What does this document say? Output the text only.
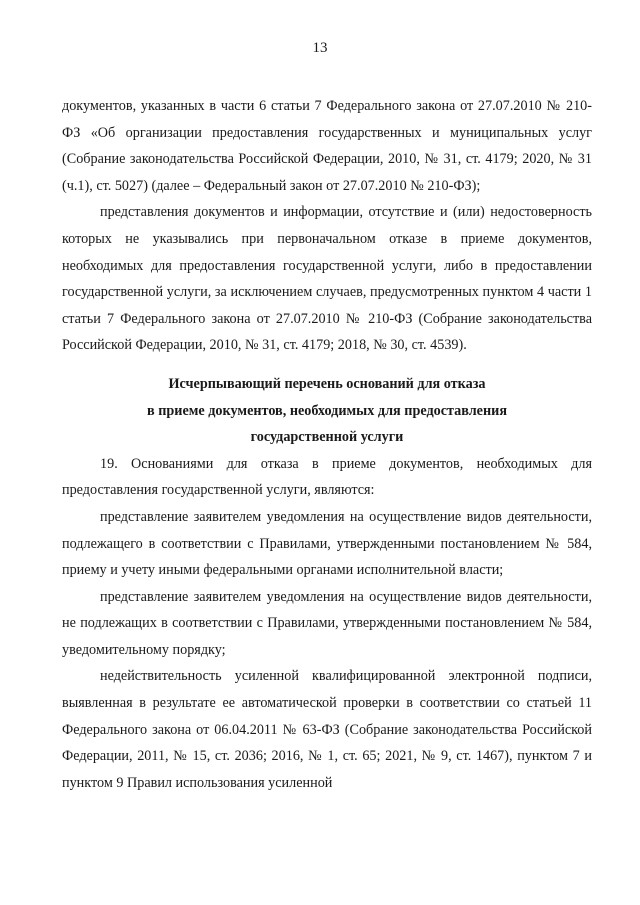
13

документов, указанных в части 6 статьи 7 Федерального закона от 27.07.2010 № 210-ФЗ «Об организации предоставления государственных и муниципальных услуг (Собрание законодательства Российской Федерации, 2010, № 31, ст. 4179; 2020, № 31 (ч.1), ст. 5027) (далее – Федеральный закон от 27.07.2010 № 210-ФЗ);

представления документов и информации, отсутствие и (или) недостоверность которых не указывались при первоначальном отказе в приеме документов, необходимых для предоставления государственной услуги, либо в предоставлении государственной услуги, за исключением случаев, предусмотренных пунктом 4 части 1 статьи 7 Федерального закона от 27.07.2010 № 210-ФЗ (Собрание законодательства Российской Федерации, 2010, № 31, ст. 4179; 2018, № 30, ст. 4539).

Исчерпывающий перечень оснований для отказа

в приеме документов, необходимых для предоставления

государственной услуги

19. Основаниями для отказа в приеме документов, необходимых для предоставления государственной услуги, являются:

представление заявителем уведомления на осуществление видов деятельности, подлежащего в соответствии с Правилами, утвержденными постановлением № 584, приему и учету иными федеральными органами исполнительной власти;

представление заявителем уведомления на осуществление видов деятельности, не подлежащих в соответствии с Правилами, утвержденными постановлением № 584, уведомительному порядку;

недействительность усиленной квалифицированной электронной подписи, выявленная в результате ее автоматической проверки в соответствии со статьей 11 Федерального закона от 06.04.2011 № 63-ФЗ (Собрание законодательства Российской Федерации, 2011, № 15, ст. 2036; 2016, № 1, ст. 65; 2021, № 9, ст. 1467), пунктом 7 и пунктом 9 Правил использования усиленной
